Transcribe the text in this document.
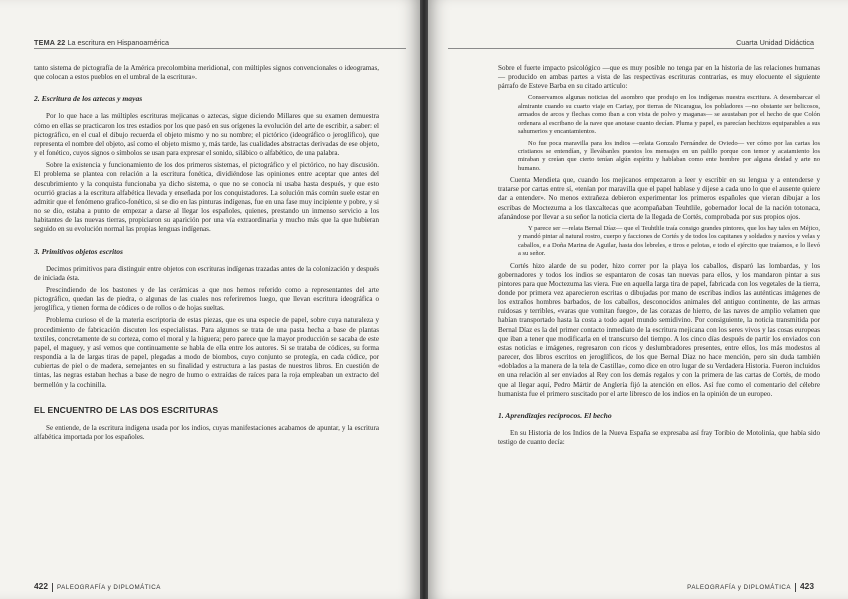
TEMA 22 La escritura en Hispanoamérica

tanto sistema de pictografía de la América precolombina meridional, con múltiples signos convencionales o ideogramas, que colocan a estos pueblos en el umbral de la escritura».

2. Escritura de los aztecas y mayas

Por lo que hace a las múltiples escrituras mejicanas o aztecas, sigue diciendo Millares que su examen demuestra cómo en ellas se practicaron los tres estadios por los que pasó en sus orígenes la evolución del arte de escribir, a saber: el pictográfico, en el cual el dibujo recuerda el objeto mismo y no su nombre; el pictórico (ideográfico o jeroglífico), que representa el nombre del objeto, así como el objeto mismo y, más tarde, las cualidades abstractas derivadas de ese objeto, y el fonético, cuyos signos o símbolos se usan para expresar el sonido, silábico o alfabético, de una palabra.

Sobre la existencia y funcionamiento de los dos primeros sistemas, el pictográfico y el pictórico, no hay discusión. El problema se plantea con relación a la escritura fonética, dividiéndose las opiniones entre aceptar que antes del descubrimiento y la conquista funcionaba ya dicho sistema, o que no se conocía ni usaba hasta después, y que esto ocurrió gracias a la escritura alfabética llevada y enseñada por los conquistadores. La solución más común suele estar en admitir que el fenómeno grafico-fonético, si se dio en las pinturas indígenas, fue en una fase muy incipiente y pobre, y si no se dio, estaba a punto de empezar a darse al llegar los españoles, quienes, prestando un inmenso servicio a los habitantes de las nuevas tierras, propiciaron su aparición por una vía extraordinaria y mucho más que la que hubieran seguido en su evolución normal las propias lenguas indígenas.

3. Primitivos objetos escritos

Decimos primitivos para distinguir entre objetos con escrituras indígenas trazadas antes de la colonización y después de iniciada ésta.

Prescindiendo de los bastones y de las cerámicas a que nos hemos referido como a representantes del arte pictográfico, quedan las de piedra, o algunas de las cuales nos referiremos luego, que llevan escritura ideográfica o jeroglífica, y tienen forma de códices o de rollos o de hojas sueltas.

Problema curioso el de la materia escriptoria de estas piezas, que es una especie de papel, sobre cuya naturaleza y procedimiento de fabricación discuten los especialistas. Para algunos se trata de una pasta hecha a base de plantas textiles, concretamente de su corteza, como el moral y la higuera; pero parece que la mayor producción se sacaba de este papel, el maguey, y así vemos que continuamente se habla de ella entre los autores. Si se trataba de códices, su forma respondía a la de largas tiras de papel, plegadas a modo de biombos, cuyo conjunto se protegía, en cada códice, por cubiertas de piel o de madera, semejantes en su finalidad y estructura a las pastas de nuestros libros. En cuestión de tintas, las negras estaban hechas a base de negro de humo o extraídas de raíces para la roja empleaban un extracto del bermellón y la cochinilla.

EL ENCUENTRO DE LAS DOS ESCRITURAS

Se entiende, de la escritura indígena usada por los indios, cuyas manifestaciones acabamos de apuntar, y la escritura alfabética importada por los españoles.

422 PALEOGRAFÍA y DIPLOMÁTICA
Cuarta Unidad Didáctica

Sobre el fuerte impacto psicológico —que es muy posible no tenga par en la historia de las relaciones humanas— producido en ambas partes a vista de las respectivas escrituras contrarias, es muy elocuente el siguiente párrafo de Esteve Barba en su citado artículo:

Conservamos algunas noticias del asombro que produjo en los indígenas nuestra escritura. A desembarcar el almirante cuando su cuarto viaje en Cariay, por tierras de Nicaragua, los pobladores —no obstante ser belicosos, armados de arcos y flechas como iban a con vista de polvo y maganas— se asustaban por el hecho de que Colón ordenara al escribano de la nave que anotase cuanto decían. Pluma y papel, es parecían hechizos equiparables a sus sahumerios y encantamientos.

No fue poca maravilla para los indios —relata Gonzalo Fernández de Oviedo— ver cómo por las cartas los cristianos se entendían, y llevábanles puestos los mensajes en un palillo porque con temor y acatamiento los miraban y creían que cierto tenían algún espíritu y hablaban como ente hombre por alguna deidad y arte no humano.

Cuenta Mendieta que, cuando los mejicanos empezaron a leer y escribir en su lengua y a entenderse y tratarse por cartas entre sí, «tenían por maravilla que el papel hablase y dijese a cada uno lo que el ausente quiere dar a entender». No menos extrañeza debieron experimentar los primeros españoles que vieran dibujar a los escribas de Moctezuma a los tlaxcaltecas que acompañaban Teuhtlile, gobernador local de la nación totonaca, afanándose por llevar a su señor la noticia cierta de la llegada de Cortés, comprobada por sus propios ojos.

Y parece ser —relata Bernal Díaz— que el Teuhtlile traía consigo grandes pintores, que los hay tales en Méjico, y mandó pintar al natural rostro, cuerpo y facciones de Cortés y de todos los capitanes y soldados y navíos y velas y caballos, e a Doña Marina de Aguilar, hasta dos lebreles, e tiros e pelotas, e todo el ejército que traíamos, e lo llevó a su señor.

Cortés hizo alarde de su poder, hizo correr por la playa los caballos, disparó las lombardas, y los gobernadores y todos los indios se espantaron de cosas tan nuevas para ellos, y los mandaron pintar a sus pintores para que Moctezuma las viera. Fue en aquella larga tira de papel, fabricada con los vegetales de la tierra, donde por primera vez aparecieron escritas o dibujadas por mano de escribas indios las auténticas imágenes de los extraños hombres barbados, de los caballos, desconocidos animales del antiguo continente, de las armas ruidosas y terribles, «varas que vomitan fuego», de las corazas de hierro, de las naves de amplio velamen que habían transportado hasta la costa a todo aquel mundo semidivino. Por consiguiente, la noticia transmitida por Bernal Díaz es la del primer contacto inmediato de la escritura mejicana con los seres vivos y las cosas europeas que iban a tener que modificarla en el transcurso del tiempo. A los cinco días después de partir los enviados con estas noticias e imágenes, regresaron con ricos y deslumbradores presentes, entre ellos, los más modestos al parecer, dos libros escritos en jeroglíficos, de los que Bernal Díaz no hace mención, pero sin duda también «doblados a la manera de la tela de Castilla», como dice en otro lugar de su Verdadera Historia. Fueron incluidos en una relación al ser enviados al Rey con los demás regalos y con la primera de las cartas de Cortés, de modo que al llegar aquí, Pedro Mártir de Anglería fijó la atención en ellos. Así fue como el comentario del célebre humanista fue el primero suscitado por el arte libresco de los indios en la opinión de un europeo.

1. Aprendizajes recíprocos. El becho

En su Historia de los Indios de la Nueva España se expresaba así fray Toribio de Motolinía, que había sido testigo de cuanto decía:

PALEOGRAFÍA y DIPLOMÁTICA 423
